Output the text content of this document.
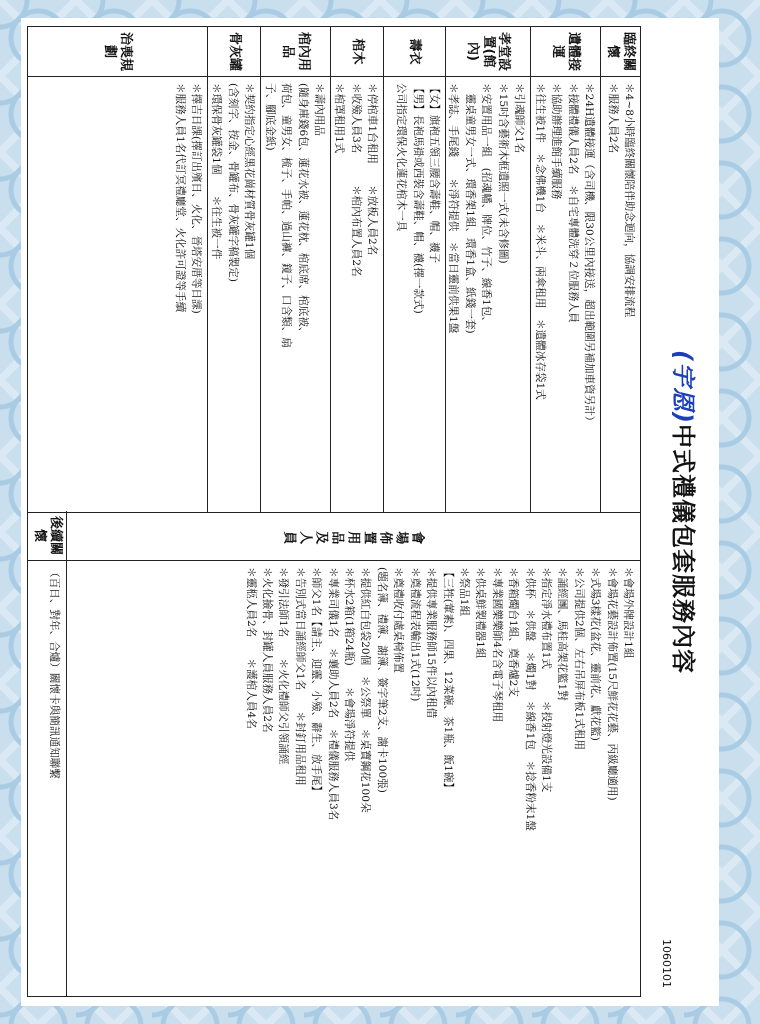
(宇恩)中式禮儀包套服務內容
1060101
臨終關懷
＊4~8小時臨終關懷陪伴助念迴向，協調安排流程
＊服務人員2名
遺體接運
＊24H遺體接運（含司機、限30公里內接送，超出範圍另補加車資另計）
＊接體禮儀人員2名　＊自宅專體洗穿２位服務人員
＊協助辦理進館手續服務
＊往生被1件　＊念佛機1台　＊米斗、兩傘租用　＊遺體冰存袋1式
孝堂設置(館內)
＊引魂師父1名
＊15吋含藝術木框遺照一式(未含修圖)
＊安置用品一組　(招魂幡、牌位、竹子、線香1包、
　靈桌童男女一式、環香架1組、環香1盒、紙錢一套)
＊孝誌、手尾錢　　＊淨符提供　＊當日靈前供果1盤
壽衣
【女】旗袍五領三腰含壽鞋、帽、襪子
【男】長袍馬褂或西裝含壽鞋、帽、襪(擇一款式)
公司指定環保火化蓮花棺木一具
棺木
＊停棺車1台租用　　＊放板人員2名
＊收殮人員3名　　　＊棺內布置人員2名
＊棺罩租用1式
棺內用品
＊壽內用品
(隨身庫錢6包、蓮花水被、蓮花枕、棺底席、棺底被、
荷包、童男女、梳子、手帕、過山褲、鏡子、口含類、扇
子、腳底金紙)
骨灰罐
＊契約指定心經黑花崗材質骨灰罐1個
(含刻字、按金、骨罐布、骨灰罐字稿製定)
＊環保骨灰罐袋1個　　＊往生被一件
治喪規劃
＊擇吉日課(擇訂出殯日、火化、晉塔安厝等日課)
＊服務人員1名代訂冥禮廳堂、火化許可證等手續
會場佈置用品及人員
＊會場外牌設計1組
＊會場花藝設計佈置(15尺鮮花花藝、丙級廳適用)
＊式場3樣花(盆花、靈前花、獻花籃)
＊公司提供2個、左右吊屏布板1式租用
＊誦經團、馬桂高架花籃1對
＊指定淨水禮布置1式　　　＊投射燈光設備1支
＊供杯　＊供盤　＊燭1對　＊線香1包　＊捻香粉末1盤
＊香箱燭台1組、奠香爐2支
＊專業國樂樂師4名含電子琴租用
＊供桌鮮製禮器1組
＊祭品1組
【三牲(葷素)、四果、12菜碗、茶1瓶、飯1碗】
＊提供專業服務師15件以內租借
＊奠禮流程表輸出1式(12吋)
＊奠禮收付處桌椅佈置
(題名簿、禮簿、謝簿、簽字筆2支、謝卡100張)
＊提供紅白包袋20個　＊公祭單　＊桌寶鋼花100朵
＊杯水2箱(1箱24瓶)　　＊會場淨符提供
＊專業司儀1名　＊襄助人員2名　＊禮儀服務人員3名
＊師父1名【請主、迎靈、小殮、辭生、放手尾】
＊告別式當日誦經師父1名　　＊封釘用品租用
＊發引法師1名　　＊火化禮師父引領誦經
＊火化撿骨、封罐人員服務人員2名
＊靈柩人員2名　　＊護棺人員4名
後續關懷
（百日、對年、合爐）關懷卡與簡訊通知聯繫
